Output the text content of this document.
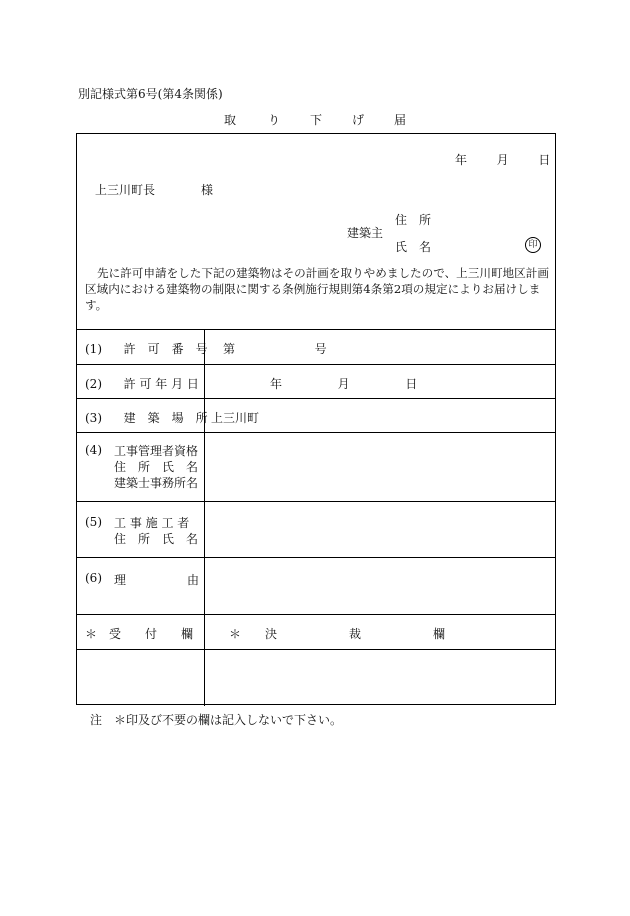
別記様式第6号(第4条関係)
取	り 下 げ 届
年 月 日
上三川町長	様
住　所
建築主
氏　名	印
先に許可申請をした下記の建築物はその計画を取りやめましたので、上三川町地区計画区域内における建築物の制限に関する条例施行規則第4条第2項の規定によりお届けします。
(1) 許　可　番　号 第	号
(2) 許 可 年 月 日	年	月	日
(3) 建　築　場　所 上三川町
(4) 工事管理者資格
住　所　氏　名
建築士事務所名
(5) 工 事 施 工 者
住　所　氏　名
(6) 理	由
＊　受　　付　　欄	＊　　決　　　　　　裁　　　　　　欄
注　＊印及び不要の欄は記入しないで下さい。
